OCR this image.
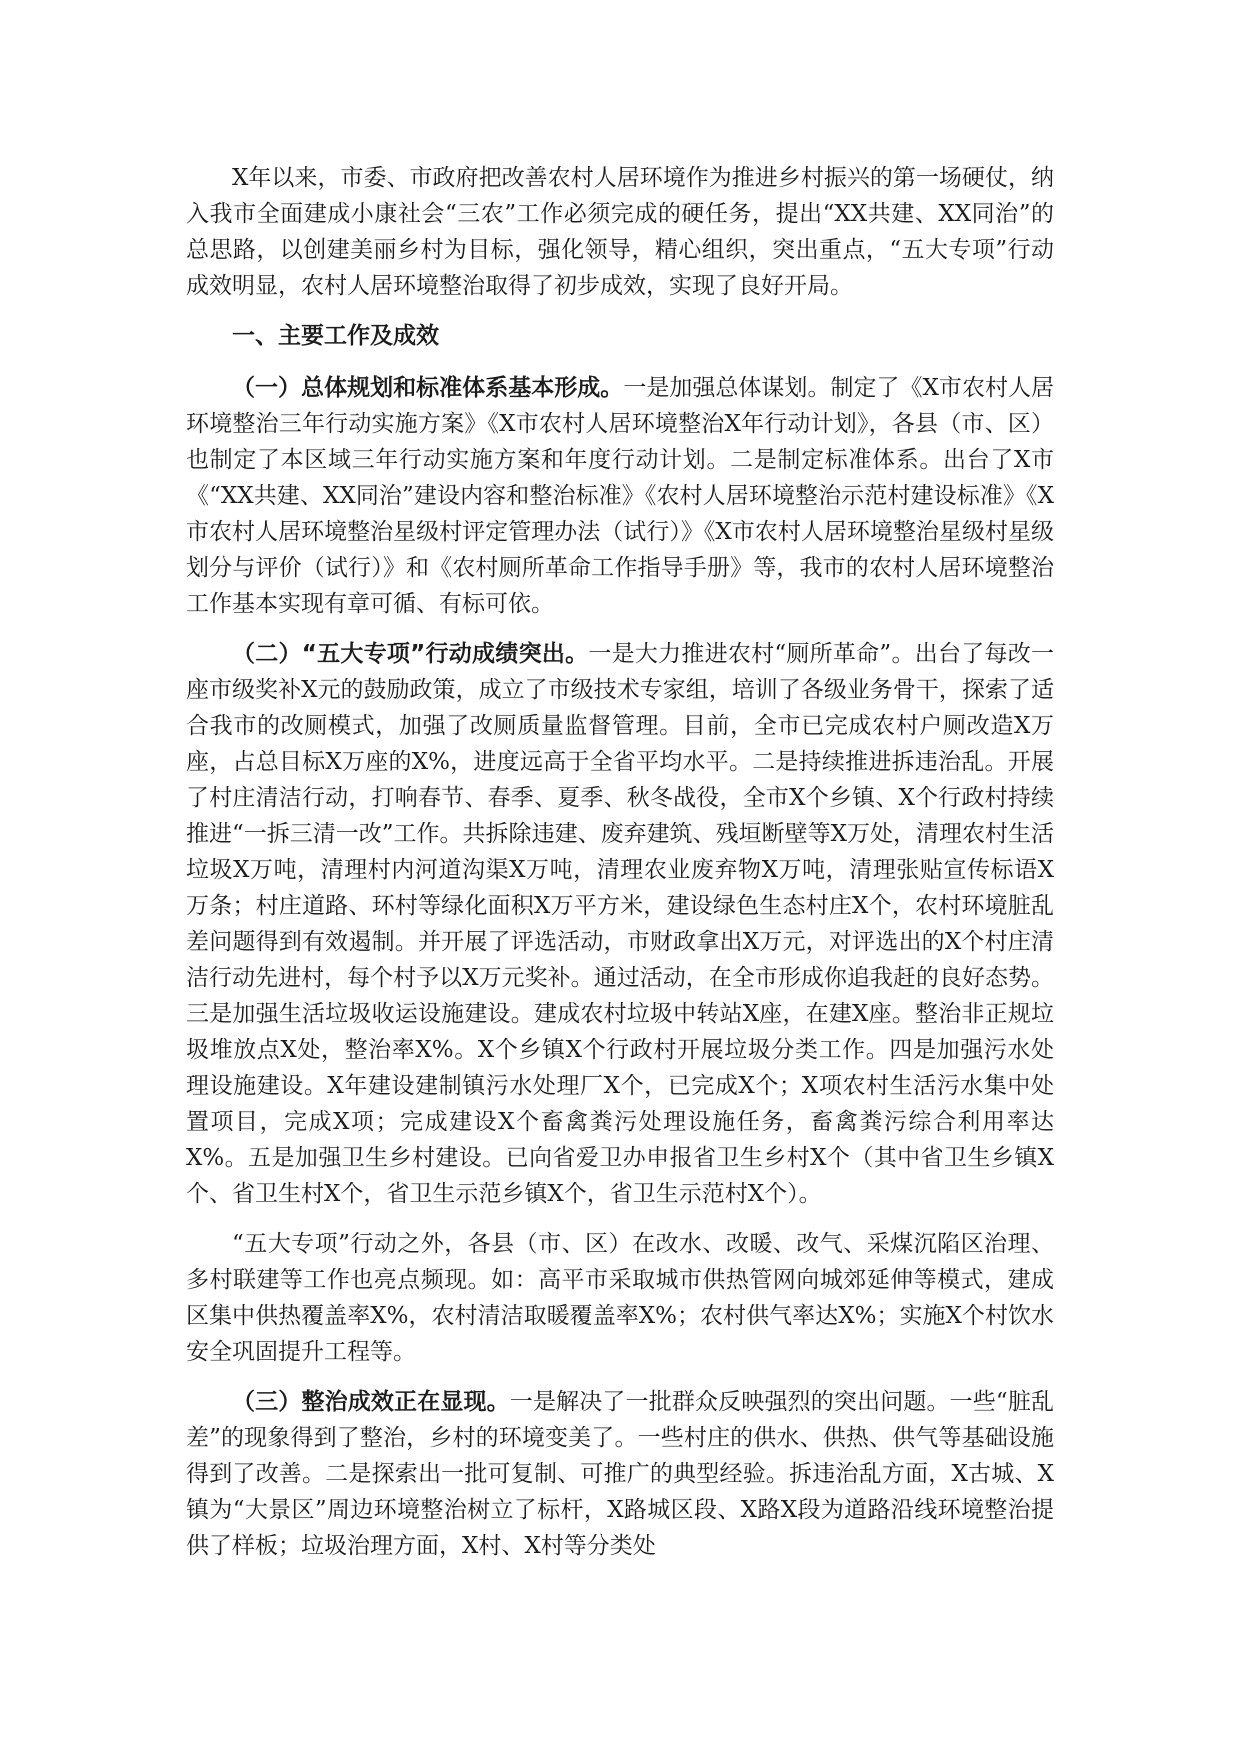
X年以来，市委、市政府把改善农村人居环境作为推进乡村振兴的第一场硬仗，纳入我市全面建成小康社会“三农”工作必须完成的硬任务，提出“XX共建、XX同治”的总思路，以创建美丽乡村为目标，强化领导，精心组织，突出重点，“五大专项”行动成效明显，农村人居环境整治取得了初步成效，实现了良好开局。

一、主要工作及成效

（一）总体规划和标准体系基本形成。一是加强总体谋划。制定了《X市农村人居环境整治三年行动实施方案》《X市农村人居环境整治X年行动计划》，各县（市、区）也制定了本区域三年行动实施方案和年度行动计划。二是制定标准体系。出台了X市《“XX共建、XX同治”建设内容和整治标准》《农村人居环境整治示范村建设标准》《X市农村人居环境整治星级村评定管理办法（试行）》《X市农村人居环境整治星级村星级划分与评价（试行）》和《农村厕所革命工作指导手册》等，我市的农村人居环境整治工作基本实现有章可循、有标可依。

（二）“五大专项”行动成绩突出。一是大力推进农村“厕所革命”。出台了每改一座市级奖补X元的鼓励政策，成立了市级技术专家组，培训了各级业务骨干，探索了适合我市的改厕模式，加强了改厕质量监督管理。目前，全市已完成农村户厕改造X万座，占总目标X万座的X%，进度远高于全省平均水平。二是持续推进拆违治乱。开展了村庄清洁行动，打响春节、春季、夏季、秋冬战役，全市X个乡镇、X个行政村持续推进“一拆三清一改”工作。共拆除违建、废弃建筑、残垣断壁等X万处，清理农村生活垃圾X万吨，清理村内河道沟渠X万吨，清理农业废弃物X万吨，清理张贴宣传标语X万条；村庄道路、环村等绿化面积X万平方米，建设绿色生态村庄X个，农村环境脏乱差问题得到有效遏制。并开展了评选活动，市财政拿出X万元，对评选出的X个村庄清洁行动先进村，每个村予以X万元奖补。通过活动，在全市形成你追我赶的良好态势。三是加强生活垃圾收运设施建设。建成农村垃圾中转站X座，在建X座。整治非正规垃圾堆放点X处，整治率X%。X个乡镇X个行政村开展垃圾分类工作。四是加强污水处理设施建设。X年建设建制镇污水处理厂X个，已完成X个；X项农村生活污水集中处置项目，完成X项；完成建设X个畜禽粪污处理设施任务，畜禽粪污综合利用率达X%。五是加强卫生乡村建设。已向省爱卫办申报省卫生乡村X个（其中省卫生乡镇X个、省卫生村X个，省卫生示范乡镇X个，省卫生示范村X个）。

“五大专项”行动之外，各县（市、区）在改水、改暖、改气、采煤沉陷区治理、多村联建等工作也亮点频现。如：高平市采取城市供热管网向城郊延伸等模式，建成区集中供热覆盖率X%，农村清洁取暖覆盖率X%；农村供气率达X%；实施X个村饮水安全巩固提升工程等。

（三）整治成效正在显现。一是解决了一批群众反映强烈的突出问题。一些“脏乱差”的现象得到了整治，乡村的环境变美了。一些村庄的供水、供热、供气等基础设施得到了改善。二是探索出一批可复制、可推广的典型经验。拆违治乱方面，X古城、X镇为“大景区”周边环境整治树立了标杆，X路城区段、X路X段为道路沿线环境整治提供了样板；垃圾治理方面，X村、X村等分类处
